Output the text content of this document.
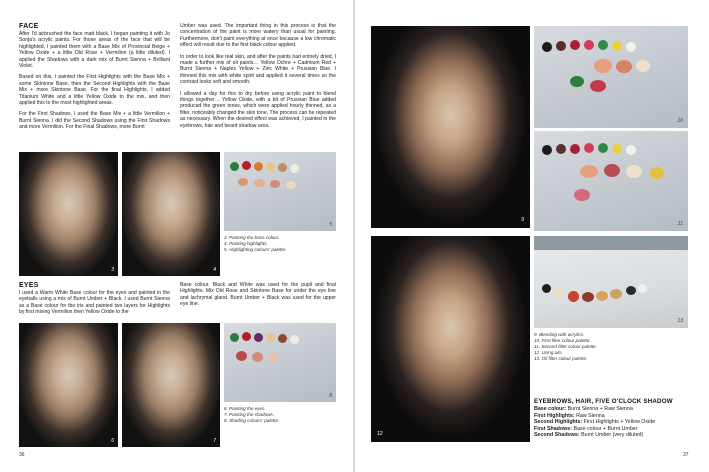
FACE

After I'd airbrushed the face matt black, I began painting it with Jo Sonja's acrylic paints. For those areas of the face that will be highlighted, I painted them with a Base Mix of Provincial Beige + Yellow Oxide + a little Old Rose + Vermilion (a little diluted). I applied the Shadows with a dark mix of Burnt Sienna + Brilliant Violet.

Based on this, I painted the First Highlights with the Base Mix + some Skintone Base, then the Second Highlights with the Base Mix + more Skintone Base. For the final Highlights, I added Titanium White and a little Yellow Oxide to the mix, and then applied this to the most highlighted areas.

For the First Shadows, I used the Base Mix + a little Vermilion + Burnt Sienna. I did the Second Shadows using the First Shadows and more Vermilion. For the Final Shadows, more Burnt

Umber was used. The important thing in this process is that the concentration of the paint is more watery than usual for painting. Furthermore, don't paint everything at once because a low chromatic effect will result due to the first black colour applied.

In order to look like real skin, and after the paints had entirely dried, I made a further mix of oil paints… Yellow Ochre + Cadmium Red + Burnt Sienna + Naples Yellow + Zinc White + Prussian Blue. I thinned this mix with white spirit and applied it several times so the contrast looks soft and smooth.

I allowed a day for this to dry before using acrylic paint to blend things together… Yellow Oxide, with a bit of Prussian Blue added produced the green tones, which were applied hourly thinned, as a filter, noticeably changed the skin tone. The process can be repeated as necessary. When the desired effect was achieved, I painted in the eyebrows, hair and beard shadow area.

3	4
5
3. Painting the base colour.
4. Painting highlights.
5. Highlighting colours' palette.
EYES
I used a Warm White Base colour for the eyes and painted in the eyeballs using a mix of Burnt Umber + Black. I used Burnt Sienna as a Base colour for the iris and painted two layers for Highlights by first mixing Vermilion then Yellow Oxide to the
Base colour. Black and White was used for the pupil and final Highlights. Mix Old Rose and Skintone Base for under the eye line and lachrymal gland. Burnt Umber + Black was used for the upper eye line.
6	7
8
6. Painting the eyes.
7. Painting the shadows.
8. Shading colours' palette.
36
9
10
11
12
13
9. Blending with acrylics.
10. First filter colour palette.
11. Second filter colour palette.
12. Using oils.
13. Oil filter colour palette.
EYEBROWS, HAIR, FIVE O'CLOCK SHADOW
Base colour: Burnt Sienna + Raw Sienna
First Highlights: Raw Sienna
Second Highlights: First Highlights + Yellow Oxide
First Shadows: Base colour + Burnt Umber
Second Shadows: Burnt Umber (very diluted)
37
